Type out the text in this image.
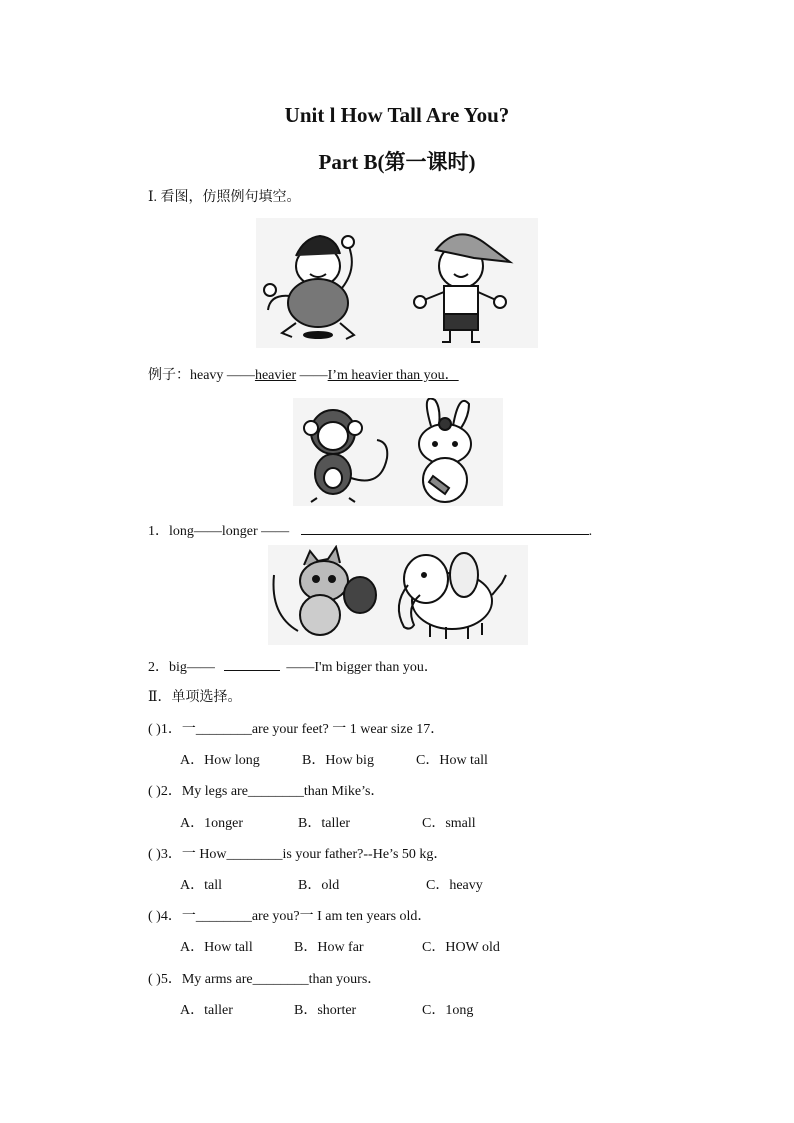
Unit l How Tall Are You?
Part B(第一课时)
Ⅰ. 看图，仿照例句填空。
例子：heavy ——heavier ——I’m heavier than you．
1．long——longer ——	.
2．big——	——I'm bigger than you．
Ⅱ．单项选择。
( )1．一________are your feet? 一 1 wear size 17．
A．How long	B．How big	C．How tall
( )2．My legs are________than Mike’s．
A．1onger	B．taller	C．small
( )3．一 How________is your father?--He’s 50 kg．
A．tall	B．old	C．heavy
( )4．一________are you?一 I am ten years old．
A．How tall	B．How far	C．HOW old
( )5．My arms are________than yours．
A．taller	B．shorter	C．1ong
